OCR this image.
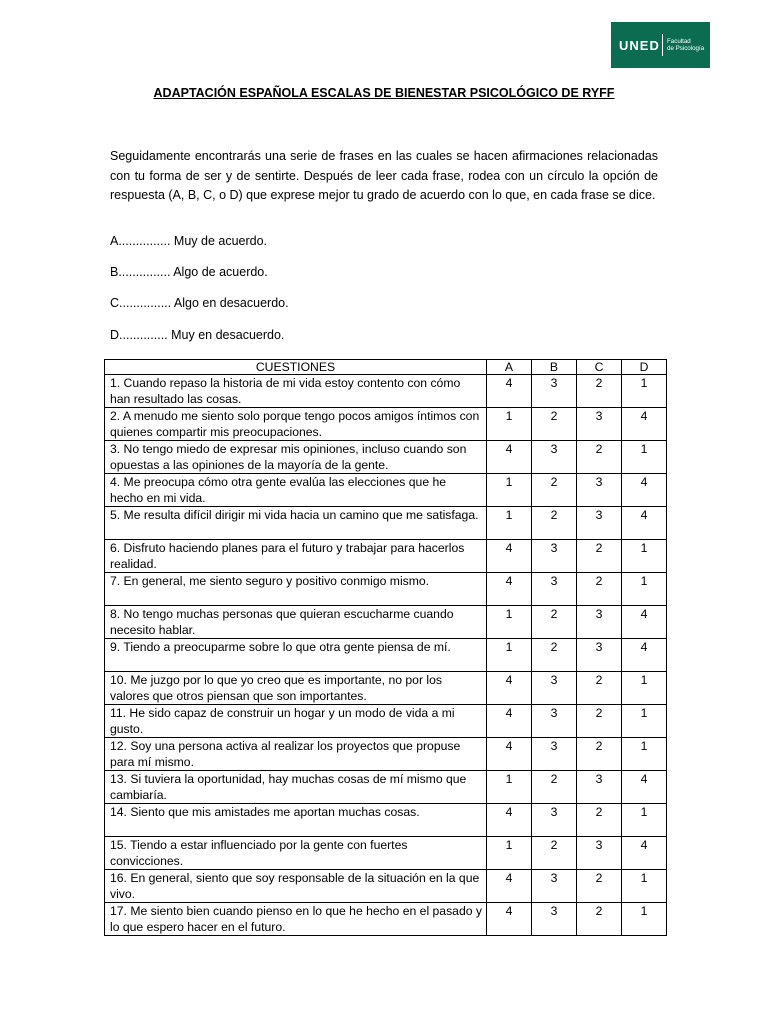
UNED Facultad
de Psicología
ADAPTACIÓN ESPAÑOLA ESCALAS DE BIENESTAR PSICOLÓGICO DE RYFF
Seguidamente encontrarás una serie de frases en las cuales se hacen afirmaciones relacionadas con tu forma de ser y de sentirte. Después de leer cada frase, rodea con un círculo la opción de respuesta (A, B, C, o D) que exprese mejor tu grado de acuerdo con lo que, en cada frase se dice.
A............... Muy de acuerdo.
B............... Algo de acuerdo.
C............... Algo en desacuerdo.
D.............. Muy en desacuerdo.
CUESTIONES	A	B	C	D
1. Cuando repaso la historia de mi vida estoy contento con cómo han resultado las cosas.	4	3	2	1
2. A menudo me siento solo porque tengo pocos amigos íntimos con quienes compartir mis preocupaciones.	1	2	3	4
3. No tengo miedo de expresar mis opiniones, incluso cuando son opuestas a las opiniones de la mayoría de la gente.	4	3	2	1
4. Me preocupa cómo otra gente evalúa las elecciones que he hecho en mi vida.	1	2	3	4
5. Me resulta difícil dirigir mi vida hacia un camino que me satisfaga.	1	2	3	4
6. Disfruto haciendo planes para el futuro y trabajar para hacerlos realidad.	4	3	2	1
7. En general, me siento seguro y positivo conmigo mismo.	4	3	2	1
8. No tengo muchas personas que quieran escucharme cuando necesito hablar.	1	2	3	4
9. Tiendo a preocuparme sobre lo que otra gente piensa de mí.	1	2	3	4
10. Me juzgo por lo que yo creo que es importante, no por los valores que otros piensan que son importantes.	4	3	2	1
11. He sido capaz de construir un hogar y un modo de vida a mi gusto.	4	3	2	1
12. Soy una persona activa al realizar los proyectos que propuse para mí mismo.	4	3	2	1
13. Si tuviera la oportunidad, hay muchas cosas de mí mismo que cambiaría.	1	2	3	4
14. Siento que mis amistades me aportan muchas cosas.	4	3	2	1
15. Tiendo a estar influenciado por la gente con fuertes convicciones.	1	2	3	4
16. En general, siento que soy responsable de la situación en la que vivo.	4	3	2	1
17. Me siento bien cuando pienso en lo que he hecho en el pasado y lo que espero hacer en el futuro.	4	3	2	1
